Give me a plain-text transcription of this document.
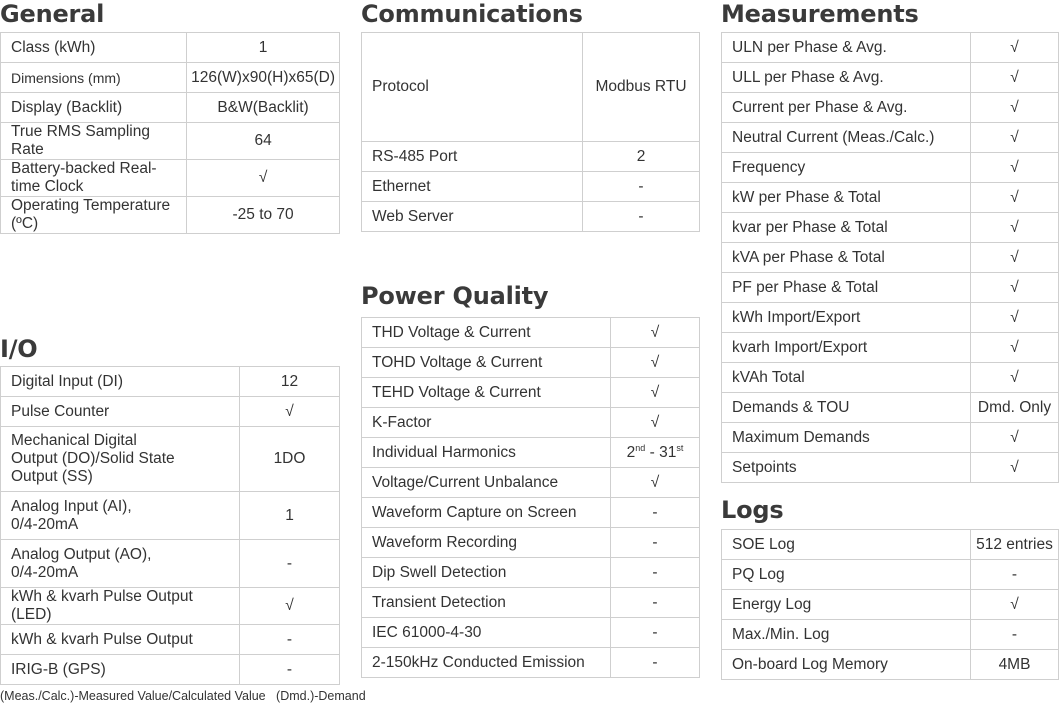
General
Class (kWh)	1
Dimensions (mm)	126(W)x90(H)x65(D)
Display (Backlit)	B&W(Backlit)
True RMS Sampling Rate	64
Battery-backed Real-time Clock	√
Operating Temperature (ºC)	-25 to 70
I/O
Digital Input (DI)	12
Pulse Counter	√
Mechanical Digital
Output (DO)/Solid State
Output (SS)	1DO
Analog Input (AI),
0/4-20mA	1
Analog Output (AO),
0/4-20mA	-
kWh & kvarh Pulse Output (LED)	√
kWh & kvarh Pulse Output	-
IRIG-B (GPS)	-
Communications
Protocol	Modbus RTU
RS-485 Port	2
Ethernet	-
Web Server	-
Power Quality
THD Voltage & Current	√
TOHD Voltage & Current	√
TEHD Voltage & Current	√
K-Factor	√
Individual Harmonics	2nd - 31st
Voltage/Current Unbalance	√
Waveform Capture on Screen	-
Waveform Recording	-
Dip Swell Detection	-
Transient Detection	-
IEC 61000-4-30	-
2-150kHz Conducted Emission	-
Measurements
ULN per Phase & Avg.	√
ULL per Phase & Avg.	√
Current per Phase & Avg.	√
Neutral Current (Meas./Calc.)	√
Frequency	√
kW per Phase & Total	√
kvar per Phase & Total	√
kVA per Phase & Total	√
PF per Phase & Total	√
kWh Import/Export	√
kvarh Import/Export	√
kVAh Total	√
Demands & TOU	Dmd. Only
Maximum Demands	√
Setpoints	√
Logs
SOE Log	512 entries
PQ Log	-
Energy Log	√
Max./Min. Log	-
On-board Log Memory	4MB
(Meas./Calc.)-Measured Value/Calculated Value   (Dmd.)-Demand
